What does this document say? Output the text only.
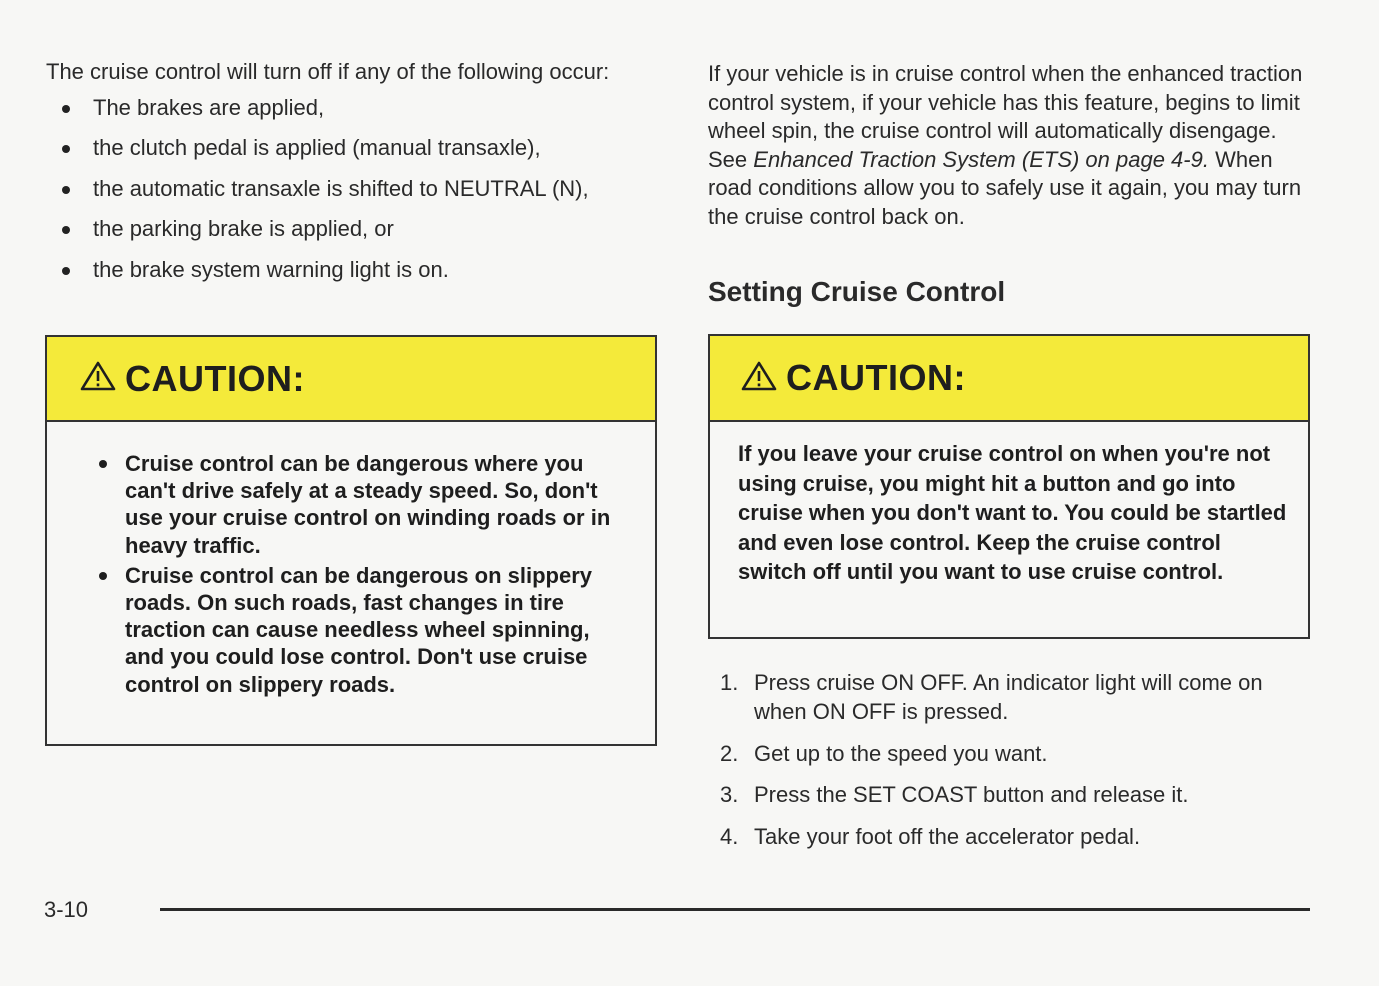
The cruise control will turn off if any of the following occur:

The brakes are applied,
the clutch pedal is applied (manual transaxle),
the automatic transaxle is shifted to NEUTRAL (N),
the parking brake is applied, or
the brake system warning light is on.
CAUTION:
Cruise control can be dangerous where you can't drive safely at a steady speed. So, don't use your cruise control on winding roads or in heavy traffic.
Cruise control can be dangerous on slippery roads. On such roads, fast changes in tire traction can cause needless wheel spinning, and you could lose control. Don't use cruise control on slippery roads.

If your vehicle is in cruise control when the enhanced traction control system, if your vehicle has this feature, begins to limit wheel spin, the cruise control will automatically disengage. See Enhanced Traction System (ETS) on page 4-9. When road conditions allow you to safely use it again, you may turn the cruise control back on.

Setting Cruise Control
CAUTION:
If you leave your cruise control on when you're not using cruise, you might hit a button and go into cruise when you don't want to. You could be startled and even lose control. Keep the cruise control switch off until you want to use cruise control.
1. Press cruise ON OFF. An indicator light will come on when ON OFF is pressed.
2. Get up to the speed you want.
3. Press the SET COAST button and release it.
4. Take your foot off the accelerator pedal.
3-10
